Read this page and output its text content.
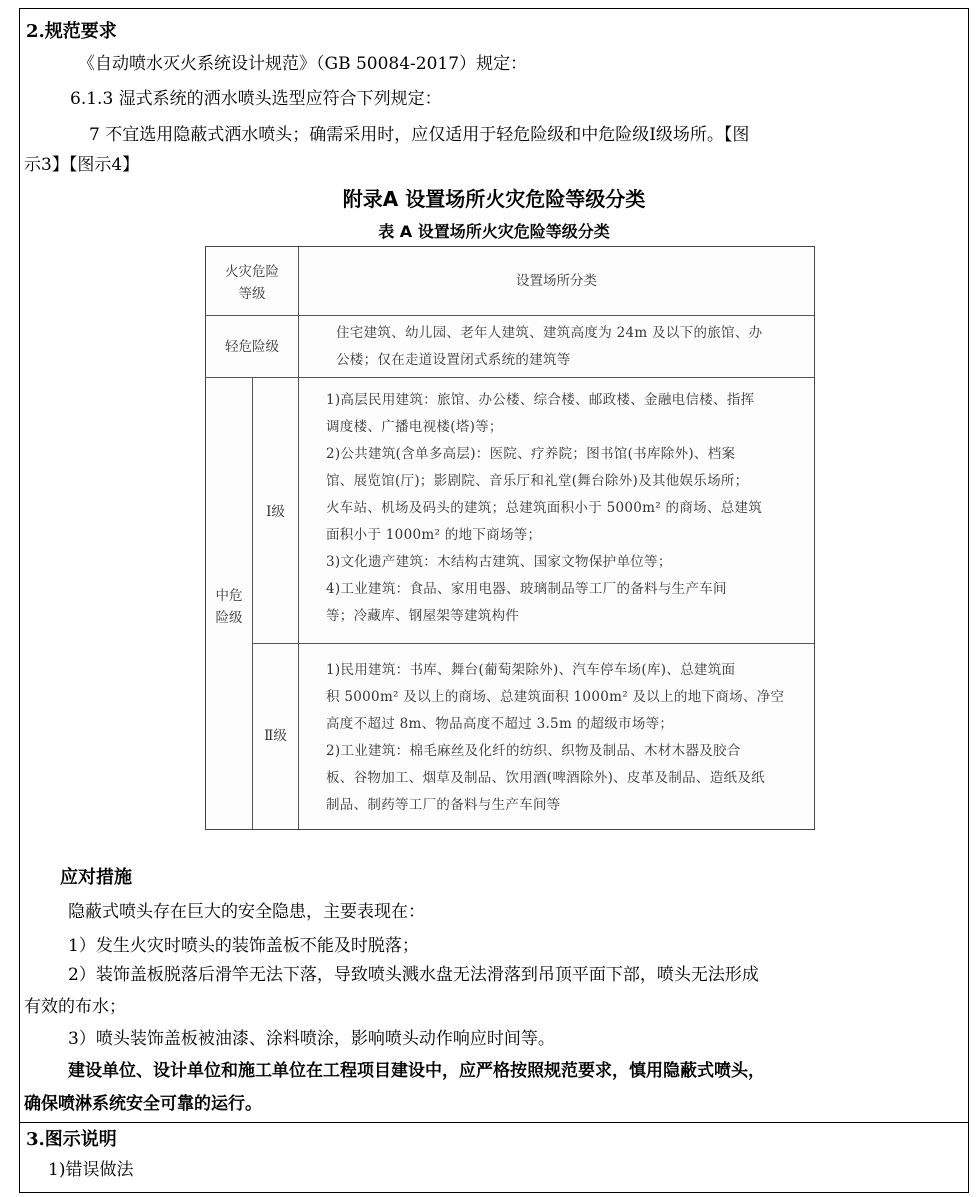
2.规范要求
《自动喷水灭火系统设计规范》（GB 50084-2017）规定：
6.1.3 湿式系统的洒水喷头选型应符合下列规定：
7 不宜选用隐蔽式洒水喷头；确需采用时，应仅适用于轻危险级和中危险级Ⅰ级场所。【图
示3】【图示4】
附录A 设置场所火灾危险等级分类
表 A 设置场所火灾危险等级分类
火灾危险
等级
设置场所分类
轻危险级

住宅建筑、幼儿园、老年人建筑、建筑高度为 24m 及以下的旅馆、办

公楼；仅在走道设置闭式系统的建筑等

中危
险级
Ⅰ级

1)高层民用建筑：旅馆、办公楼、综合楼、邮政楼、金融电信楼、指挥

调度楼、广播电视楼(塔)等；

2)公共建筑(含单多高层)：医院、疗养院；图书馆(书库除外)、档案

馆、展览馆(厅)；影剧院、音乐厅和礼堂(舞台除外)及其他娱乐场所；

火车站、机场及码头的建筑；总建筑面积小于 5000m² 的商场、总建筑

面积小于 1000m² 的地下商场等；

3)文化遗产建筑：木结构古建筑、国家文物保护单位等；

4)工业建筑：食品、家用电器、玻璃制品等工厂的备料与生产车间

等；冷藏库、钢屋架等建筑构件

Ⅱ级

1)民用建筑：书库、舞台(葡萄架除外)、汽车停车场(库)、总建筑面

积 5000m² 及以上的商场、总建筑面积 1000m² 及以上的地下商场、净空

高度不超过 8m、物品高度不超过 3.5m 的超级市场等；

2)工业建筑：棉毛麻丝及化纤的纺织、织物及制品、木材木器及胶合

板、谷物加工、烟草及制品、饮用酒(啤酒除外)、皮革及制品、造纸及纸

制品、制药等工厂的备料与生产车间等

应对措施
隐蔽式喷头存在巨大的安全隐患，主要表现在：
1）发生火灾时喷头的装饰盖板不能及时脱落；
2）装饰盖板脱落后滑竿无法下落，导致喷头溅水盘无法滑落到吊顶平面下部，喷头无法形成
有效的布水；
3）喷头装饰盖板被油漆、涂料喷涂，影响喷头动作响应时间等。
建设单位、设计单位和施工单位在工程项目建设中，应严格按照规范要求，慎用隐蔽式喷头，
确保喷淋系统安全可靠的运行。
3.图示说明
1)错误做法
